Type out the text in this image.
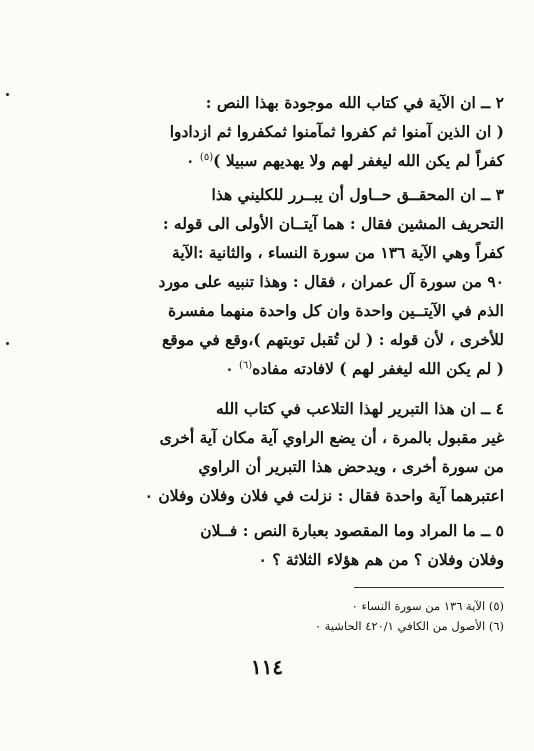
٢ ــ ان الآية في كتاب الله موجودة بهذا النص :
( ان الذين آمنوا ثم كفروا ثمآمنوا ثمكفروا ثم ازدادوا
كفراً لم يكن الله ليغفر لهم ولا يهديهم سبيلا )$^{(٥)}$ ٠

٣ ــ ان المحقــق حــاول أن يبــرر للكليني هذا
التحريف المشين فقال : هما آيتــان الأولى الى قوله :
كفراً وهي الآية ١٣٦ من سورة النساء ، والثانية :الآية
٩٠ من سورة آل عمران ، فقال : وهذا تنبيه على مورد
الذم في الآيتــين واحدة وان كل واحدة منهما مفسرة
للأخرى ، لأن قوله : ( لن تُقبل توبتهم )،وقع في موقع
( لم يكن الله ليغفر لهم ) لافادته مفاده$^{(٦)}$ ٠

٤ ــ ان هذا التبرير لهذا التلاعب في كتاب الله
غير مقبول بالمرة ، أن يضع الراوي آية مكان آية أخرى
من سورة أخرى ، ويدحض هذا التبرير أن الراوي
اعتبرهما آية واحدة فقال : نزلت في فلان وفلان وفلان ٠

٥ ــ ما المراد وما المقصود بعبارة النص : فــلان
وفلان وفلان ؟ من هم هؤلاء الثلاثة ؟ ٠

(٥) الآية ١٣٦ من سورة النساء ٠
(٦) الأصول من الكافي ٤٢٠/١ الحاشية ٠
١١٤
